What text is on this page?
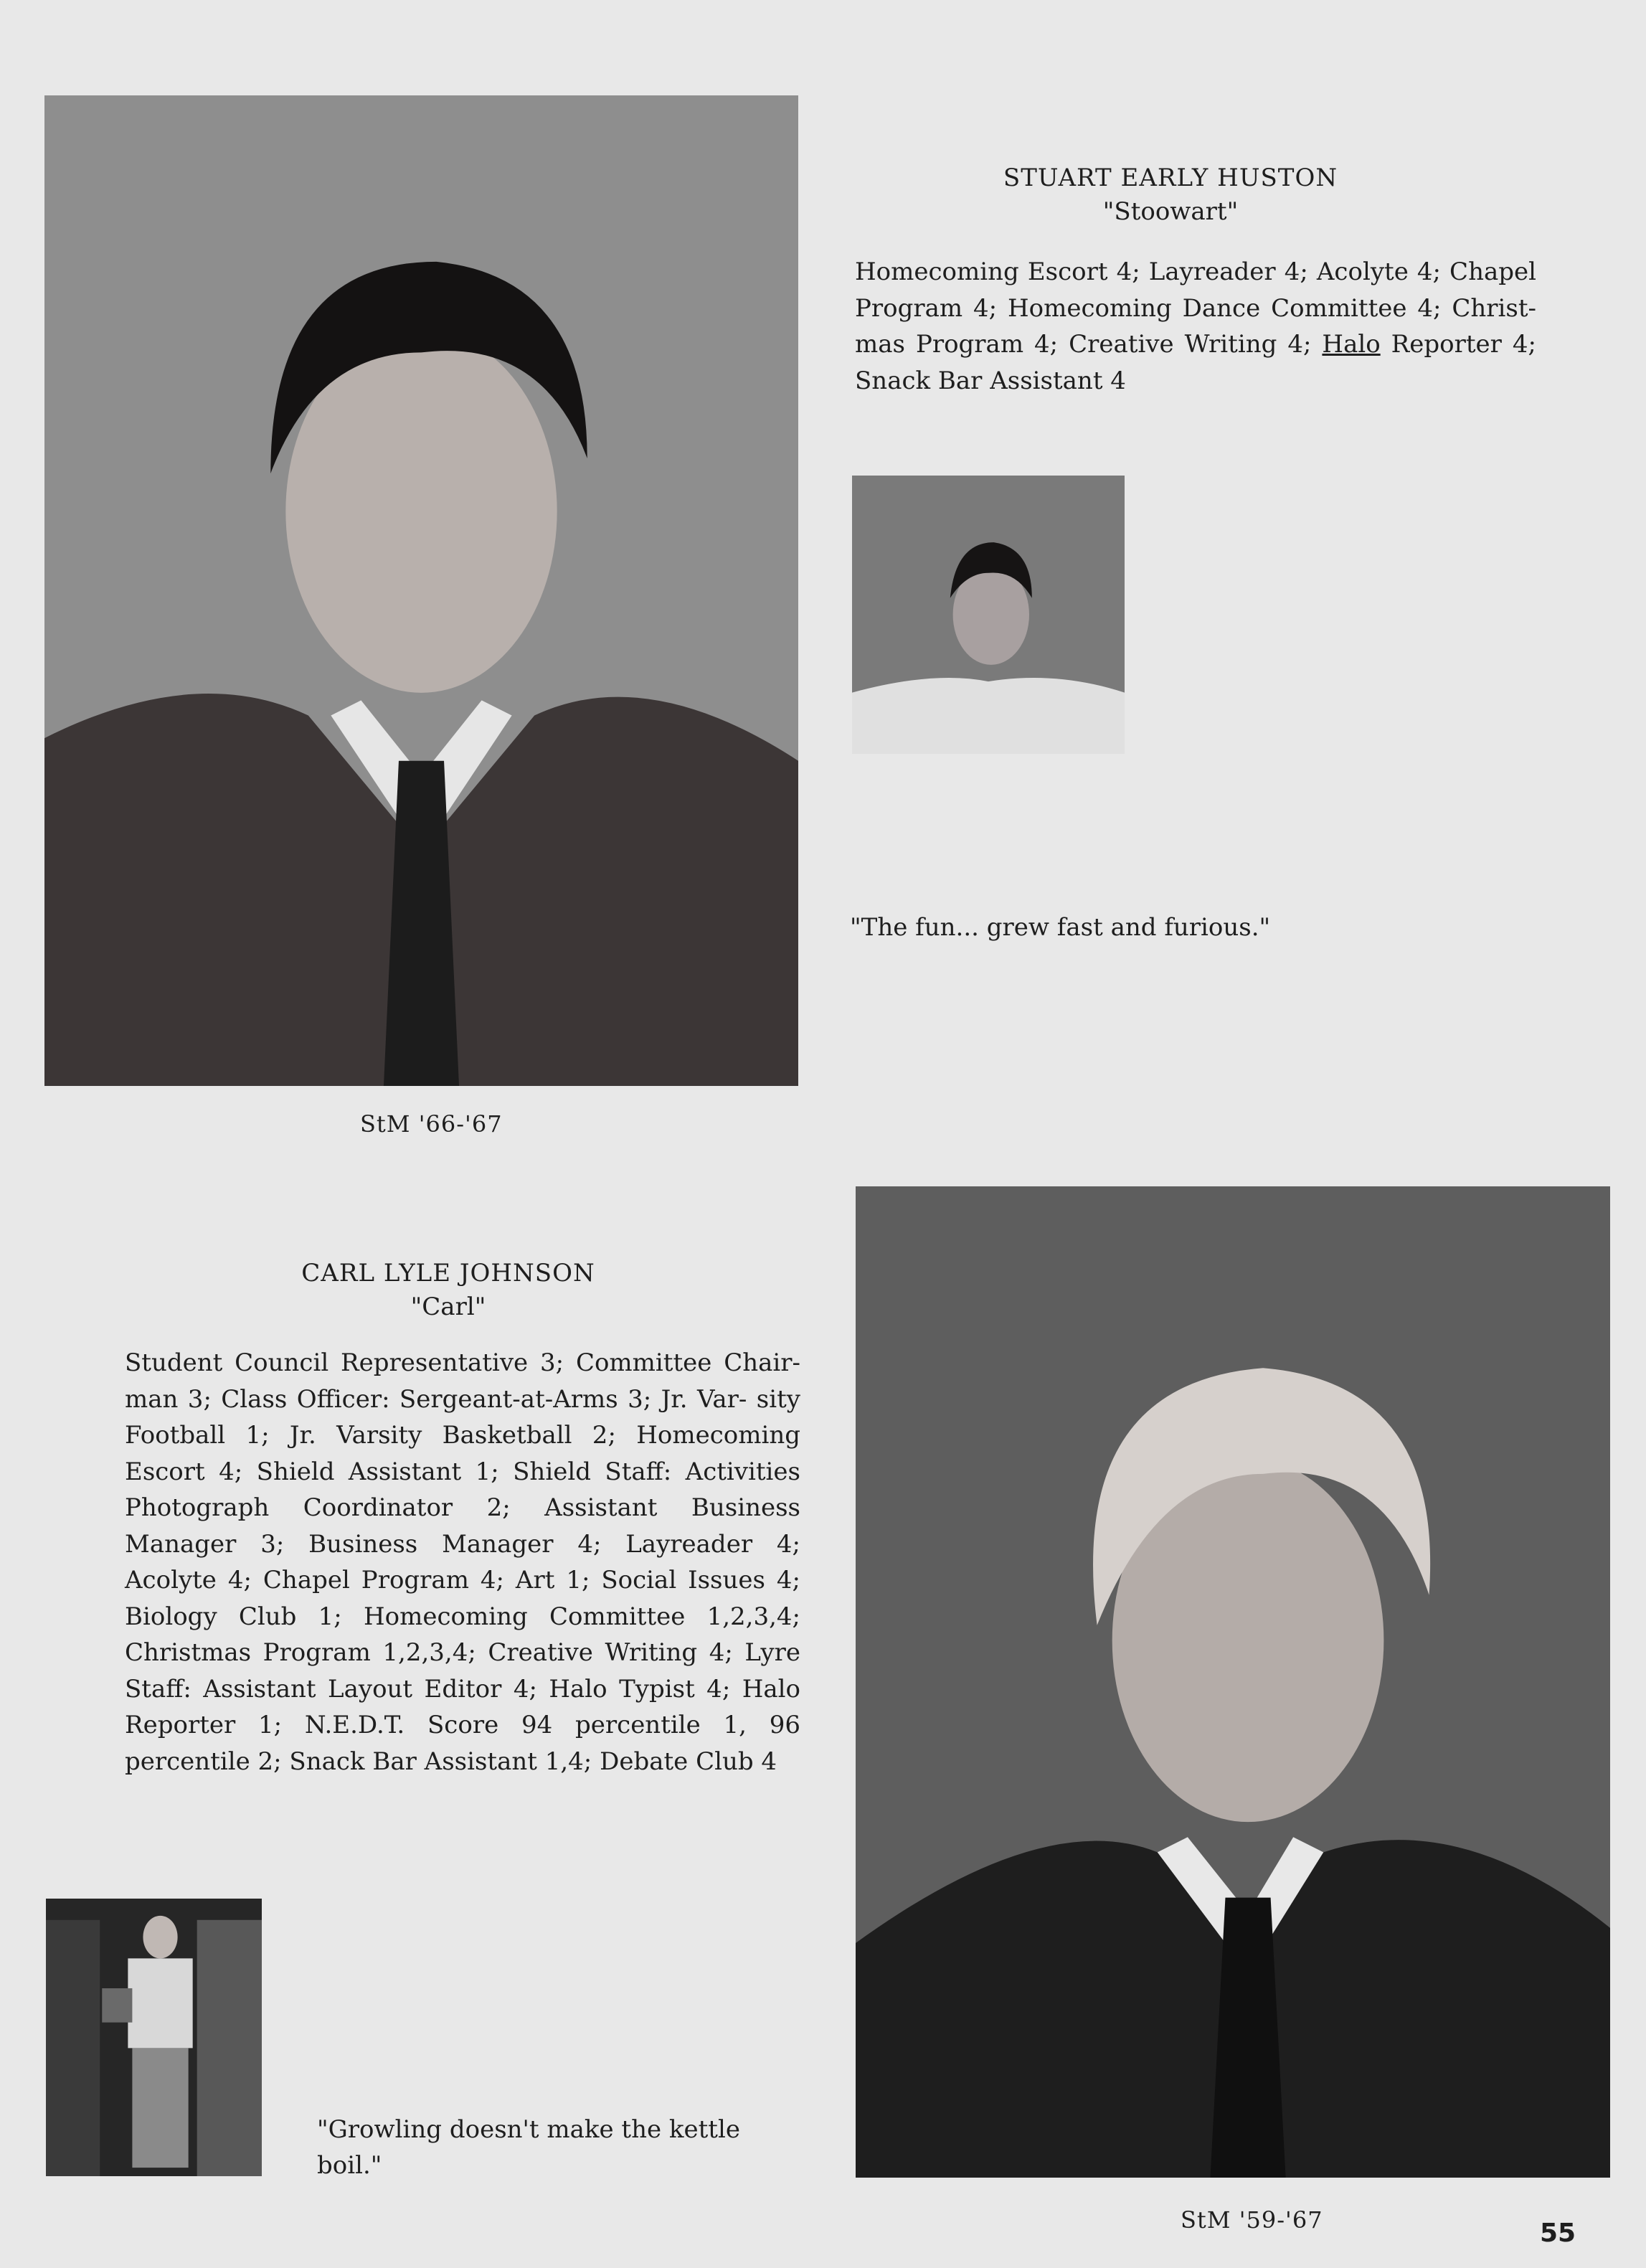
StM '66-'67
STUART EARLY HUSTON
"Stoowart"
Homecoming Escort 4; Layreader 4; Acolyte 4; Chapel Program 4; Homecoming Dance Committee 4; Christ- mas Program 4; Creative Writing 4; Halo Reporter 4; Snack Bar Assistant 4
"The fun... grew fast and furious."
CARL LYLE JOHNSON
"Carl"
Student Council Representative 3; Committee Chair- man 3; Class Officer: Sergeant-at-Arms 3; Jr. Var- sity Football 1; Jr. Varsity Basketball 2; Homecoming Escort 4; Shield Assistant 1; Shield Staff: Activities Photograph Coordinator 2; Assistant Business Manager 3; Business Manager 4; Layreader 4; Acolyte 4; Chapel Program 4; Art 1; Social Issues 4; Biology Club 1; Homecoming Committee 1,2,3,4; Christmas Program 1,2,3,4; Creative Writing 4; Lyre Staff: Assistant Layout Editor 4; Halo Typist 4; Halo Reporter 1; N.E.D.T. Score 94 percentile 1, 96 percentile 2; Snack Bar Assistant 1,4; Debate Club 4
"Growling doesn't make the kettle boil."
StM '59-'67	55
